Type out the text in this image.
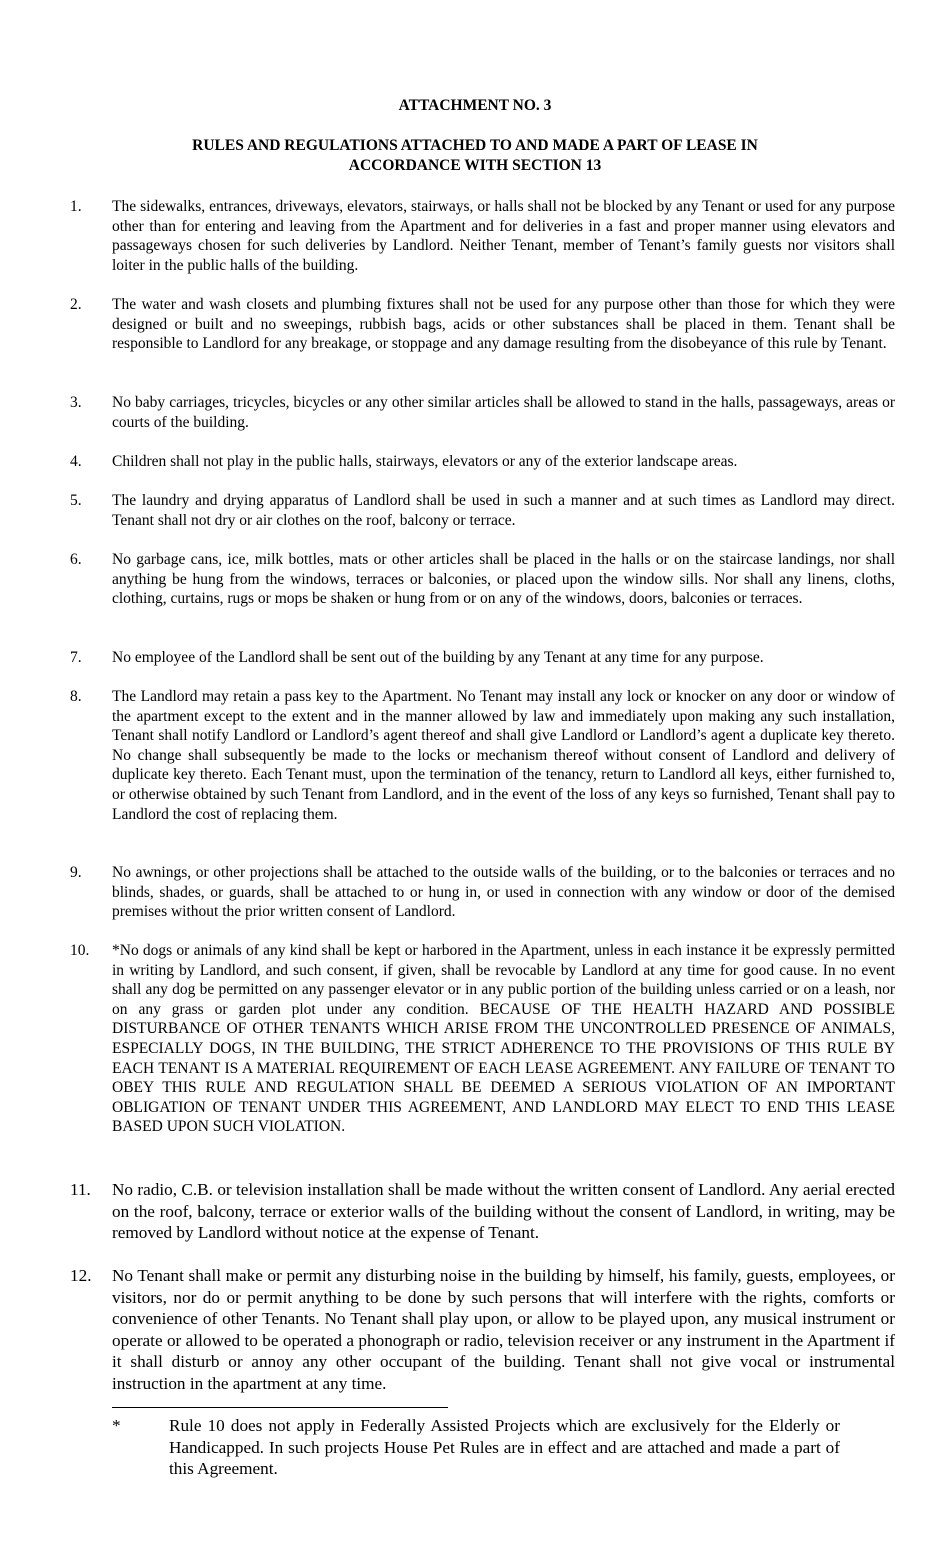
ATTACHMENT NO. 3

RULES AND REGULATIONS ATTACHED TO AND MADE A PART OF LEASE IN
ACCORDANCE WITH SECTION 13

1.	The sidewalks, entrances, driveways, elevators, stairways, or halls shall not be blocked by any Tenant or used for any purpose other than for entering and leaving from the Apartment and for deliveries in a fast and proper manner using elevators and passageways chosen for such deliveries by Landlord. Neither Tenant, member of Tenant’s family guests nor visitors shall loiter in the public halls of the building.
2.	The water and wash closets and plumbing fixtures shall not be used for any purpose other than those for which they were designed or built and no sweepings, rubbish bags, acids or other substances shall be placed in them. Tenant shall be responsible to Landlord for any breakage, or stoppage and any damage resulting from the disobeyance of this rule by Tenant.
3.	No baby carriages, tricycles, bicycles or any other similar articles shall be allowed to stand in the halls, passageways, areas or courts of the building.
4.	Children shall not play in the public halls, stairways, elevators or any of the exterior landscape areas.
5.	The laundry and drying apparatus of Landlord shall be used in such a manner and at such times as Landlord may direct. Tenant shall not dry or air clothes on the roof, balcony or terrace.
6.	No garbage cans, ice, milk bottles, mats or other articles shall be placed in the halls or on the staircase landings, nor shall anything be hung from the windows, terraces or balconies, or placed upon the window sills. Nor shall any linens, cloths, clothing, curtains, rugs or mops be shaken or hung from or on any of the windows, doors, balconies or terraces.
7.	No employee of the Landlord shall be sent out of the building by any Tenant at any time for any purpose.
8.	The Landlord may retain a pass key to the Apartment. No Tenant may install any lock or knocker on any door or window of the apartment except to the extent and in the manner allowed by law and immediately upon making any such installation, Tenant shall notify Landlord or Landlord’s agent thereof and shall give Landlord or Landlord’s agent a duplicate key thereto. No change shall subsequently be made to the locks or mechanism thereof without consent of Landlord and delivery of duplicate key thereto. Each Tenant must, upon the termination of the tenancy, return to Landlord all keys, either furnished to, or otherwise obtained by such Tenant from Landlord, and in the event of the loss of any keys so furnished, Tenant shall pay to Landlord the cost of replacing them.
9.	No awnings, or other projections shall be attached to the outside walls of the building, or to the balconies or terraces and no blinds, shades, or guards, shall be attached to or hung in, or used in connection with any window or door of the demised premises without the prior written consent of Landlord.
10.	*No dogs or animals of any kind shall be kept or harbored in the Apartment, unless in each instance it be expressly permitted in writing by Landlord, and such consent, if given, shall be revocable by Landlord at any time for good cause. In no event shall any dog be permitted on any passenger elevator or in any public portion of the building unless carried or on a leash, nor on any grass or garden plot under any condition. BECAUSE OF THE HEALTH HAZARD AND POSSIBLE DISTURBANCE OF OTHER TENANTS WHICH ARISE FROM THE UNCONTROLLED PRESENCE OF ANIMALS, ESPECIALLY DOGS, IN THE BUILDING, THE STRICT ADHERENCE TO THE PROVISIONS OF THIS RULE BY EACH TENANT IS A MATERIAL REQUIREMENT OF EACH LEASE AGREEMENT. ANY FAILURE OF TENANT TO OBEY THIS RULE AND REGULATION SHALL BE DEEMED A SERIOUS VIOLATION OF AN IMPORTANT OBLIGATION OF TENANT UNDER THIS AGREEMENT, AND LANDLORD MAY ELECT TO END THIS LEASE BASED UPON SUCH VIOLATION.
11.	No radio, C.B. or television installation shall be made without the written consent of Landlord. Any aerial erected on the roof, balcony, terrace or exterior walls of the building without the consent of Landlord, in writing, may be removed by Landlord without notice at the expense of Tenant.
12.	No Tenant shall make or permit any disturbing noise in the building by himself, his family, guests, employees, or visitors, nor do or permit anything to be done by such persons that will interfere with the rights, comforts or convenience of other Tenants. No Tenant shall play upon, or allow to be played upon, any musical instrument or operate or allowed to be operated a phonograph or radio, television receiver or any instrument in the Apartment if it shall disturb or annoy any other occupant of the building. Tenant shall not give vocal or instrumental instruction in the apartment at any time.
*	Rule 10 does not apply in Federally Assisted Projects which are exclusively for the Elderly or Handicapped. In such projects House Pet Rules are in effect and are attached and made a part of this Agreement.
